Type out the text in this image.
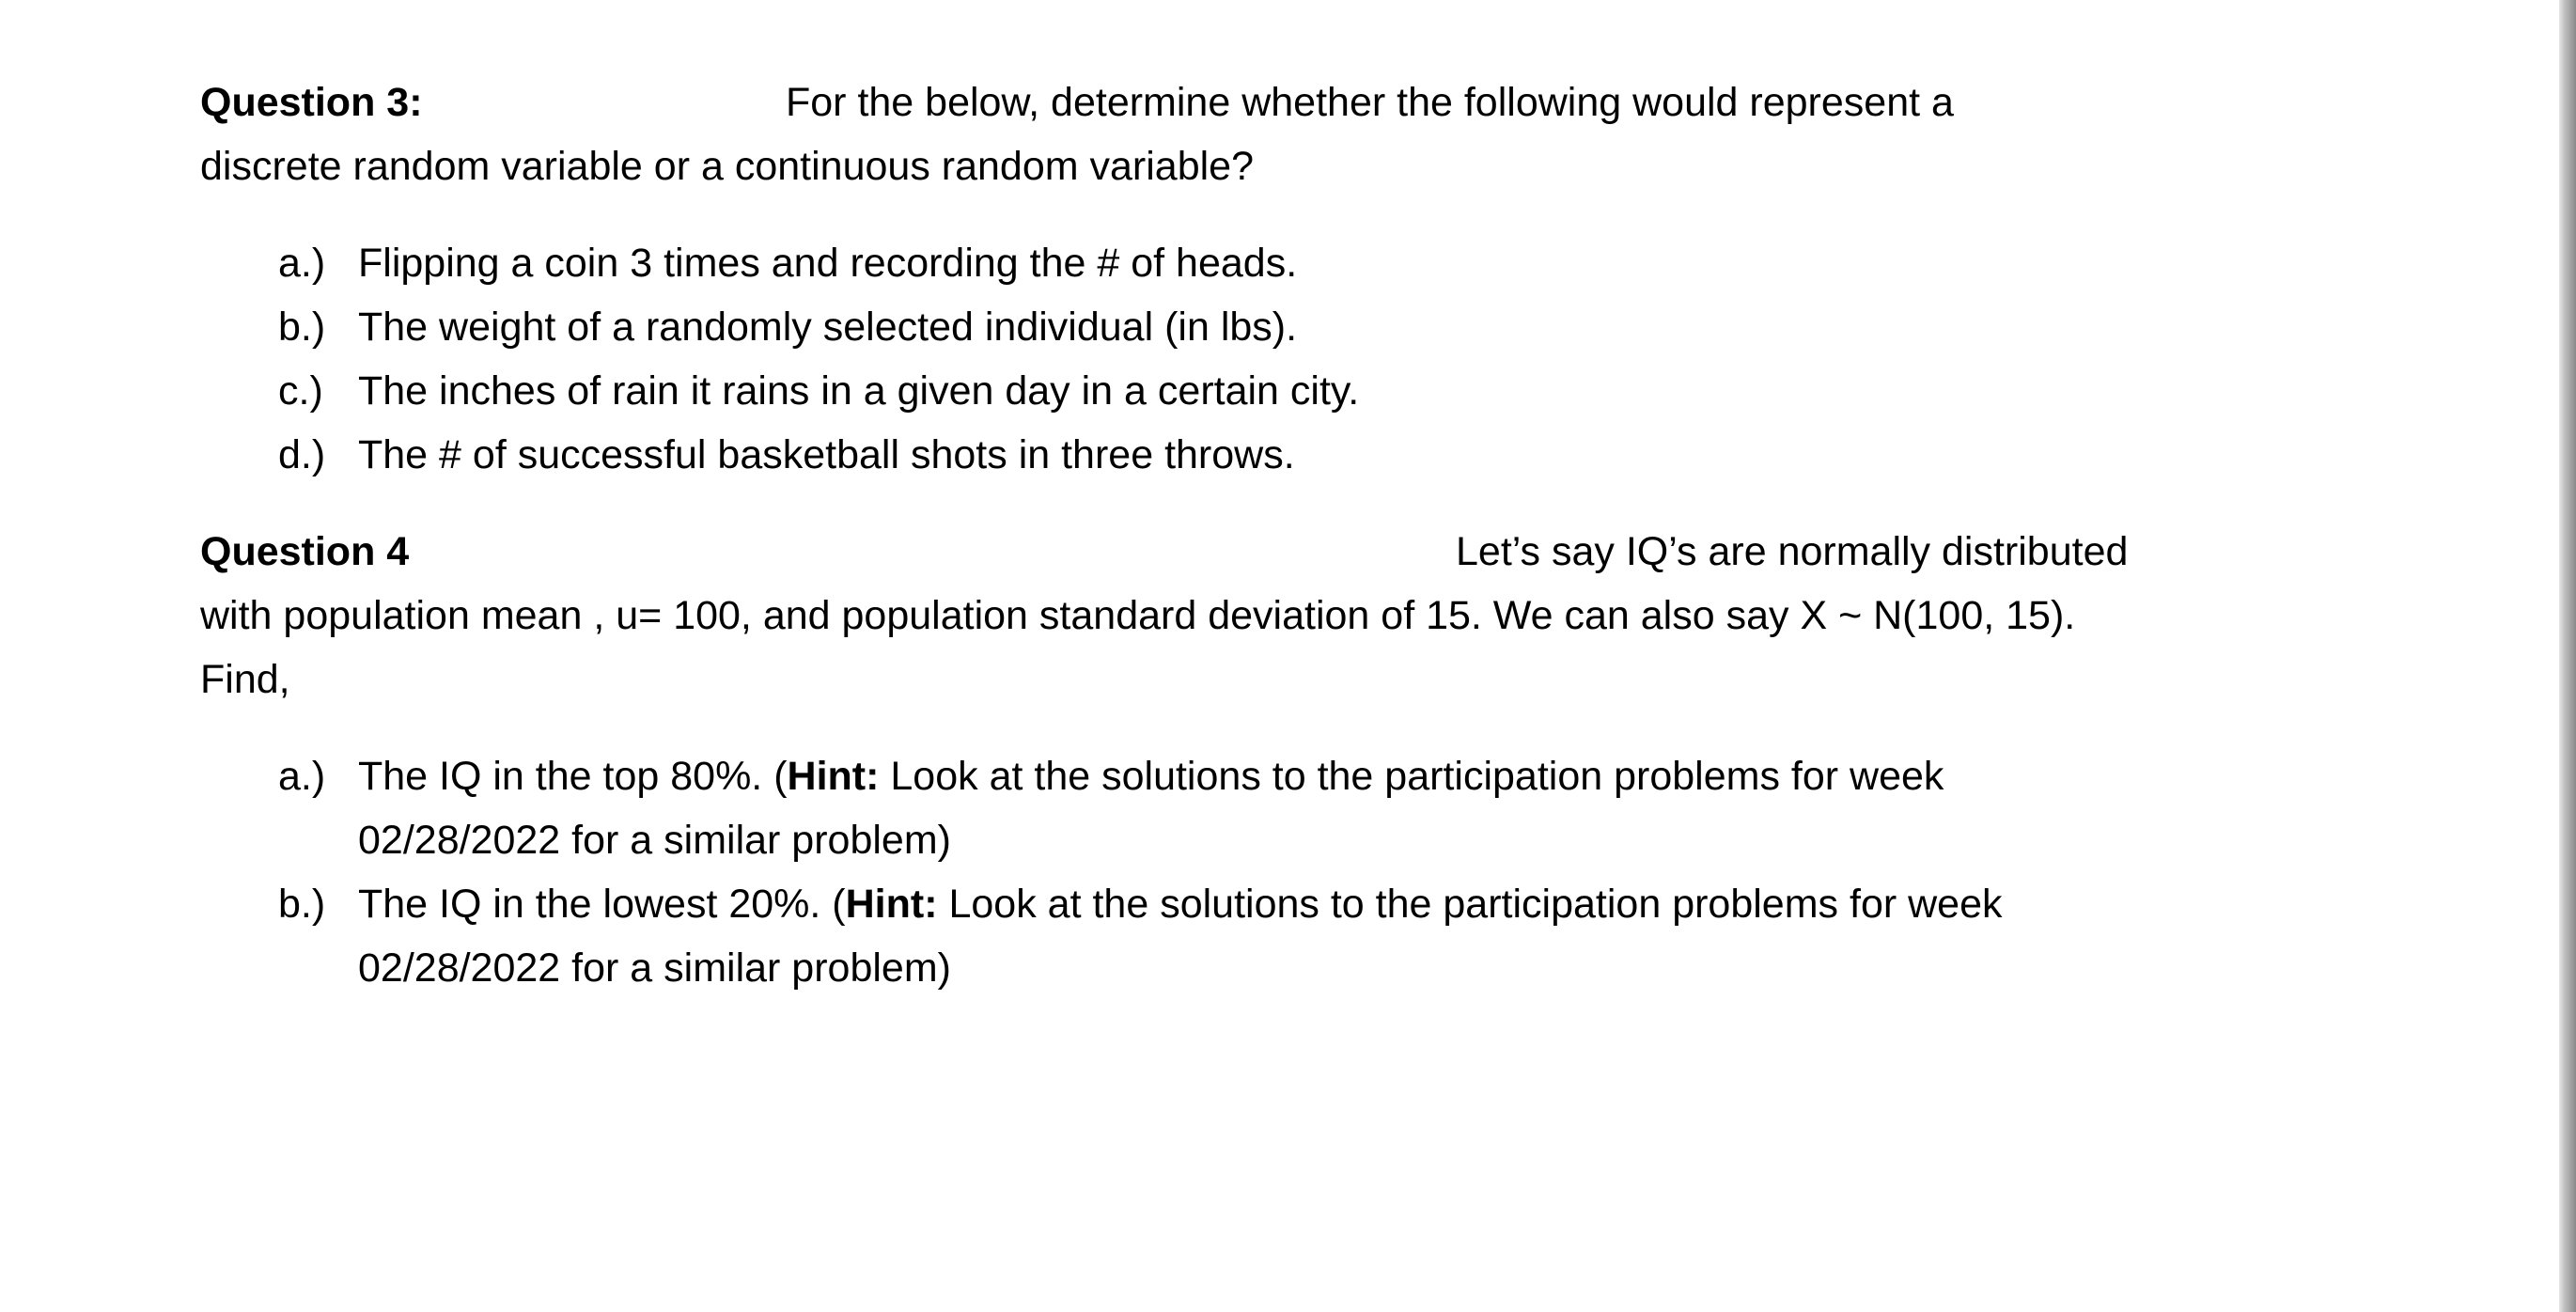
Question 3:	For the below, determine whether the following would represent a
discrete random variable or a continuous random variable?
a.) Flipping a coin 3 times and recording the # of heads.
b.) The weight of a randomly selected individual (in lbs).
c.) The inches of rain it rains in a given day in a certain city.
d.) The # of successful basketball shots in three throws.
Question 4	Let’s say IQ’s are normally distributed
with population mean , u= 100, and population standard deviation of 15. We can also say X ~ N(100, 15).
Find,
a.) The IQ in the top 80%. (Hint: Look at the solutions to the participation problems for week
02/28/2022 for a similar problem)
b.) The IQ in the lowest 20%. (Hint: Look at the solutions to the participation problems for week
02/28/2022 for a similar problem)
